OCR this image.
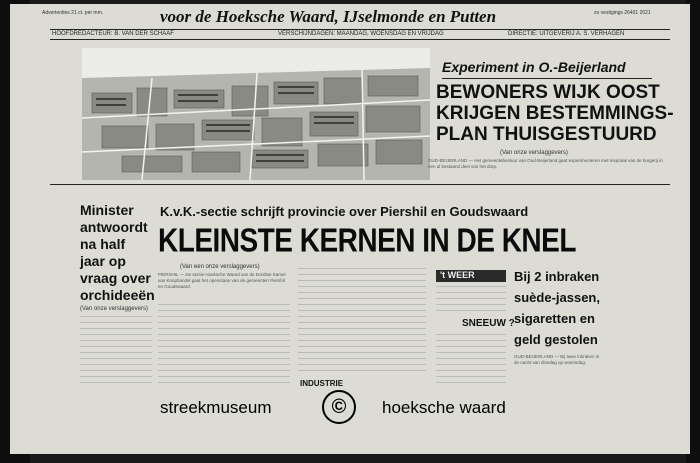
Advertenties 21 ct. per mm.	voor de Hoeksche Waard, IJselmonde en Putten	zo vestigings 26401 2021
HOOFDREDACTEUR: B. VAN DER SCHAAF	VERSCHIJNDAGEN: MAANDAG, WOENSDAG EN VRIJDAG	DIRECTIE: UITGEVERIJ A. S. VERHAGEN
Experiment in O.-Beijerland
BEWONERS WIJK OOST
KRIJGEN BESTEMMINGS-
PLAN THUISGESTUURD
(Van onze verslaggevers)
OUD-BEIJERLAND — Het gemeentebestuur van Oud-Beijerland gaat experimenteren met inspraak van de burgerij in een al bestaand deel van het dorp.
Minister
antwoordt
na half
jaar op
vraag over
orchideeën
(Van onze verslaggevers)
K.v.K.-sectie schrijft provincie over Piershil en Goudswaard
KLEINSTE KERNEN IN DE KNEL
(Van een onze verslaggevers)
PIERSHIL — De sectie Hoeksche Waard van de Dordtse Kamer van Koophandel gaat het openstaan van de gemeenten Piershil en Goudswaard.
INDUSTRIE
't WEER
SNEEUW ?
Bij 2 inbraken
suède-jassen,
sigaretten en
geld gestolen
OUD-BEIJERLAND — Bij twee inbraken in de nacht van dinsdag op woensdag.
streekmuseum	©	hoeksche waard
